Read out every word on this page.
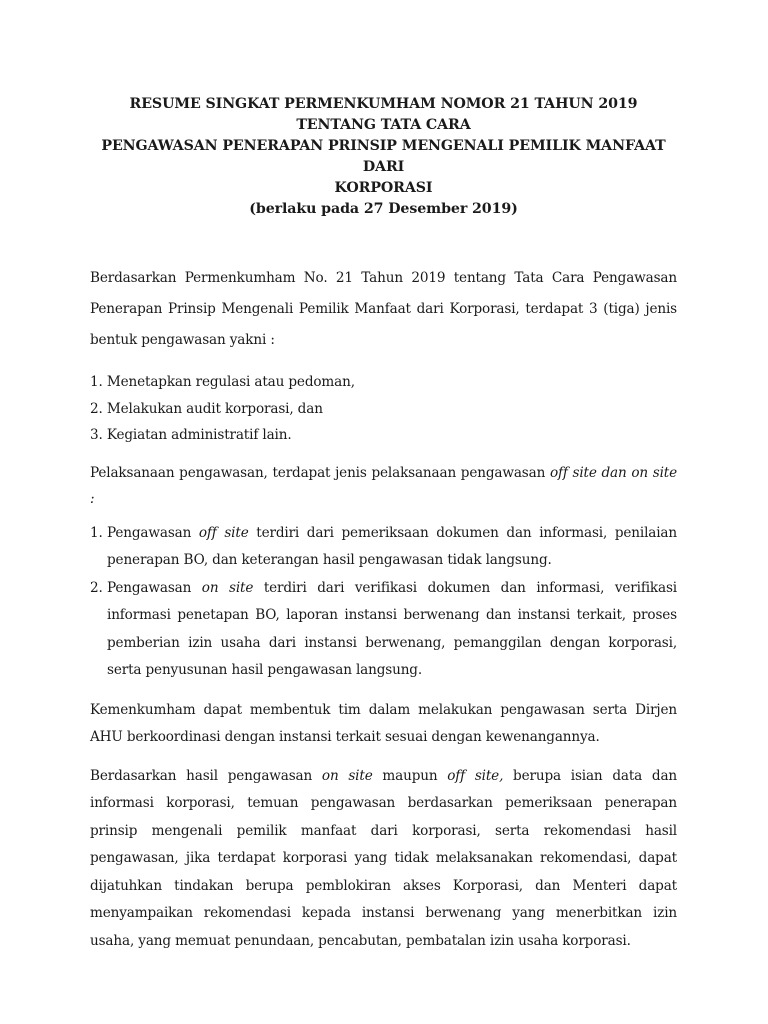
RESUME SINGKAT PERMENKUMHAM NOMOR 21 TAHUN 2019 TENTANG TATA CARA
PENGAWASAN PENERAPAN PRINSIP MENGENALI PEMILIK MANFAAT DARI
KORPORASI
(berlaku pada 27 Desember 2019)

Berdasarkan Permenkumham No. 21 Tahun 2019 tentang Tata Cara Pengawasan Penerapan Prinsip Mengenali Pemilik Manfaat dari Korporasi, terdapat 3 (tiga) jenis bentuk pengawasan yakni :

1. Menetapkan regulasi atau pedoman,
2. Melakukan audit korporasi, dan
3. Kegiatan administratif lain.

Pelaksanaan pengawasan, terdapat jenis pelaksanaan pengawasan off site dan on site :

1. Pengawasan off site terdiri dari pemeriksaan dokumen dan informasi, penilaian penerapan BO, dan keterangan hasil pengawasan tidak langsung.
2. Pengawasan on site terdiri dari verifikasi dokumen dan informasi, verifikasi informasi penetapan BO, laporan instansi berwenang dan instansi terkait, proses pemberian izin usaha dari instansi berwenang, pemanggilan dengan korporasi, serta penyusunan hasil pengawasan langsung.

Kemenkumham dapat membentuk tim dalam melakukan pengawasan serta Dirjen AHU berkoordinasi dengan instansi terkait sesuai dengan kewenangannya.

Berdasarkan hasil pengawasan on site maupun off site, berupa isian data dan informasi korporasi, temuan pengawasan berdasarkan pemeriksaan penerapan prinsip mengenali pemilik manfaat dari korporasi, serta rekomendasi hasil pengawasan, jika terdapat korporasi yang tidak melaksanakan rekomendasi, dapat dijatuhkan tindakan berupa pemblokiran akses Korporasi, dan Menteri dapat menyampaikan rekomendasi kepada instansi berwenang yang menerbitkan izin usaha, yang memuat penundaan, pencabutan, pembatalan izin usaha korporasi.
